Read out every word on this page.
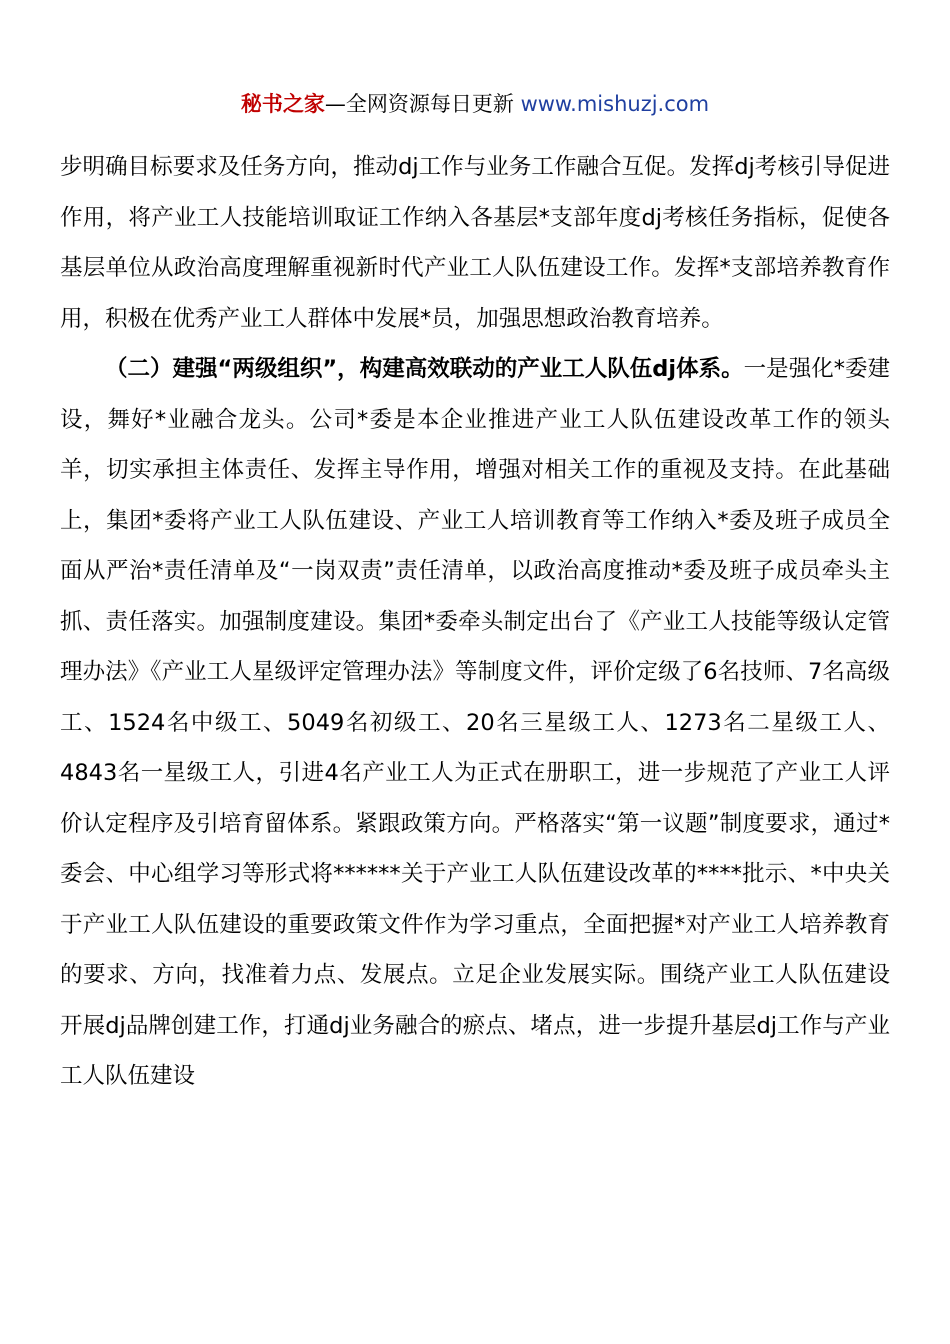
秘书之家—全网资源每日更新 www.mishuzj.com

步明确目标要求及任务方向，推动dj工作与业务工作融合互促。发挥dj考核引导促进作用，将产业工人技能培训取证工作纳入各基层*支部年度dj考核任务指标，促使各基层单位从政治高度理解重视新时代产业工人队伍建设工作。发挥*支部培养教育作用，积极在优秀产业工人群体中发展*员，加强思想政治教育培养。

（二）建强“两级组织”，构建高效联动的产业工人队伍dj体系。一是强化*委建设，舞好*业融合龙头。公司*委是本企业推进产业工人队伍建设改革工作的领头羊，切实承担主体责任、发挥主导作用，增强对相关工作的重视及支持。在此基础上，集团*委将产业工人队伍建设、产业工人培训教育等工作纳入*委及班子成员全面从严治*责任清单及“一岗双责”责任清单，以政治高度推动*委及班子成员牵头主抓、责任落实。加强制度建设。集团*委牵头制定出台了《产业工人技能等级认定管理办法》《产业工人星级评定管理办法》等制度文件，评价定级了6名技师、7名高级工、1524名中级工、5049名初级工、20名三星级工人、1273名二星级工人、4843名一星级工人，引进4名产业工人为正式在册职工，进一步规范了产业工人评价认定程序及引培育留体系。紧跟政策方向。严格落实“第一议题”制度要求，通过*委会、中心组学习等形式将******关于产业工人队伍建设改革的****批示、*中央关于产业工人队伍建设的重要政策文件作为学习重点，全面把握*对产业工人培养教育的要求、方向，找准着力点、发展点。立足企业发展实际。围绕产业工人队伍建设开展dj品牌创建工作，打通dj业务融合的瘀点、堵点，进一步提升基层dj工作与产业工人队伍建设
